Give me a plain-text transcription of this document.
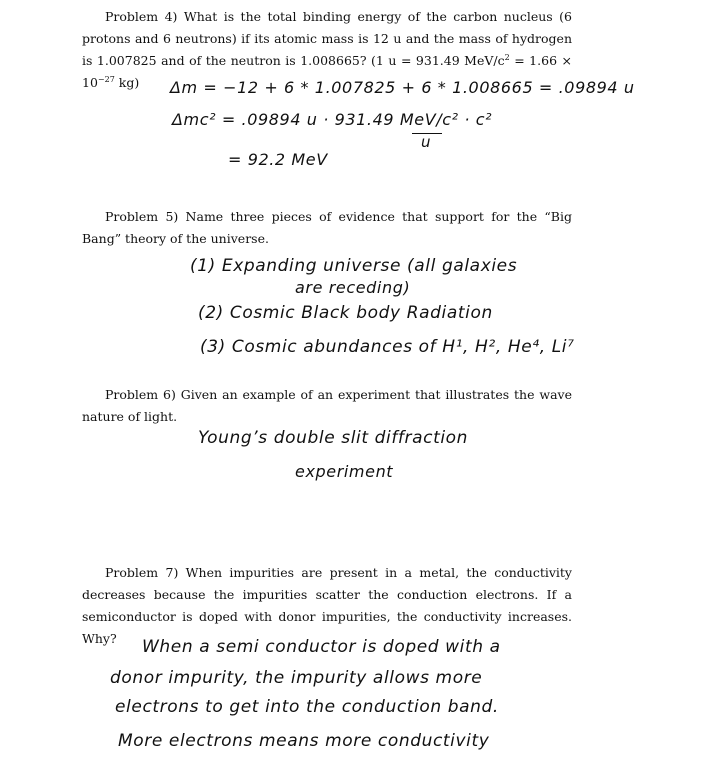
Problem 4) What is the total binding energy of the carbon nucleus (6 protons and 6 neutrons) if its atomic mass is 12 u and the mass of hydrogen is 1.007825 and of the neutron is 1.008665? (1 u = 931.49 MeV/$c^2 = 1.66 \times 10^{-27}$ kg)	Δm = −12 + 6 * 1.007825 + 6 * 1.008665 = .09894 u
Δmc² = .09894 u · 931.49 MeV/c² · c²
u
= 92.2 MeV
Problem 5) Name three pieces of evidence that support for the “Big Bang” theory of the universe.
(1) Expanding universe (all galaxies
are receding)
(2) Cosmic Black body Radiation
(3) Cosmic abundances of H¹, H², He⁴, Li⁷
Problem 6) Given an example of an experiment that illustrates the wave nature of light.
Young’s double slit diffraction
experiment
Problem 7) When impurities are present in a metal, the conductivity decreases because the impurities scatter the conduction electrons. If a semiconductor is doped with donor impurities, the conductivity increases. Why?	When a semi conductor is doped with a
donor impurity, the impurity allows more
electrons to get into the conduction band.
More electrons means more conductivity
